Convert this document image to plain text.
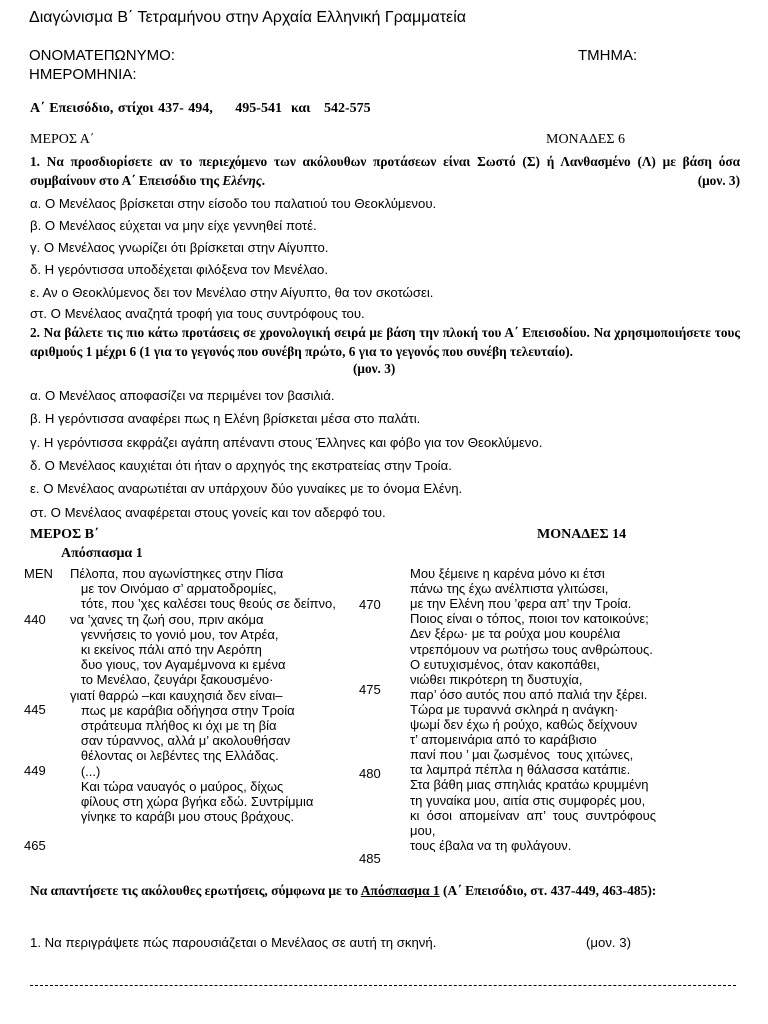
Διαγώνισμα Β΄ Τετραμήνου στην Αρχαία Ελληνική Γραμματεία
ΟΝΟΜΑΤΕΠΩΝΥΜΟ:	ΤΜΗΜΑ:
ΗΜΕΡΟΜΗΝΙΑ:
Α΄ Επεισόδιο, στίχοι 437- 494,     495-541  και   542-575
ΜΕΡΟΣ Α΄	ΜΟΝΑΔΕΣ 6
1. Να προσδιορίσετε αν το περιεχόμενο των ακόλουθων προτάσεων είναι Σωστό (Σ) ή Λανθασμένο (Λ) με βάση όσα συμβαίνουν στο Α΄ Επεισόδιο της Ελένης.	(μον. 3)
α. Ο Μενέλαος βρίσκεται στην είσοδο του παλατιού του Θεοκλύμενου.
β. Ο Μενέλαος εύχεται να μην είχε γεννηθεί ποτέ.
γ. Ο Μενέλαος γνωρίζει ότι βρίσκεται στην Αίγυπτο.
δ. Η γερόντισσα υποδέχεται φιλόξενα τον Μενέλαο.
ε. Αν ο Θεοκλύμενος δει τον Μενέλαο στην Αίγυπτο, θα τον σκοτώσει.
στ. Ο Μενέλαος αναζητά τροφή για τους συντρόφους του.
2. Να βάλετε τις πιο κάτω προτάσεις σε χρονολογική σειρά με βάση την πλοκή του Α΄ Επεισοδίου. Να χρησιμοποιήσετε τους αριθμούς 1 μέχρι 6 (1 για το γεγονός που συνέβη πρώτο, 6 για το γεγονός που συνέβη τελευταίο).
(μον. 3)
α. Ο Μενέλαος αποφασίζει να περιμένει τον βασιλιά.
β. Η γερόντισσα αναφέρει πως η Ελένη βρίσκεται μέσα στο παλάτι.
γ. Η γερόντισσα εκφράζει αγάπη απέναντι στους Έλληνες και φόβο για τον Θεοκλύμενο.
δ. Ο Μενέλαος καυχιέται ότι ήταν ο αρχηγός της εκστρατείας στην Τροία.
ε. Ο Μενέλαος αναρωτιέται αν υπάρχουν δύο γυναίκες με το όνομα Ελένη.
στ. Ο Μενέλαος αναφέρεται στους γονείς και τον αδερφό του.
ΜΕΡΟΣ Β΄	ΜΟΝΑΔΕΣ 14
Απόσπασμα 1
ΜΕΝ Πέλοπα, που αγωνίστηκες στην Πίσα
με τον Οινόμαο σ’ αρματοδρομίες,
τότε, που ’χες καλέσει τους θεούς σε δείπνο,
να ’χανες τη ζωή σου, πριν ακόμα
γεννήσεις το γονιό μου, τον Ατρέα,
κι εκείνος πάλι από την Αερόπη
δυο γιους, τον Αγαμέμνονα κι εμένα
το Μενέλαο, ζευγάρι ξακουσμένο·
γιατί θαρρώ –και καυχησιά δεν είναι–
πως με καράβια οδήγησα στην Τροία
στράτευμα πλήθος κι όχι με τη βία
σαν τύραννος, αλλά μ’ ακολουθήσαν
θέλοντας οι λεβέντες της Ελλάδας.
(...)
Και τώρα ναυαγός ο μαύρος, δίχως
φίλους στη χώρα βγήκα εδώ. Συντρίμμια
γίνηκε το καράβι μου στους βράχους.
Μου ξέμεινε η καρένα μόνο κι έτσι
πάνω της έχω ανέλπιστα γλιτώσει,
με την Ελένη που ’φερα απ’ την Τροία.
Ποιος είναι ο τόπος, ποιοι τον κατοικούνε;
Δεν ξέρω· με τα ρούχα μου κουρέλια
ντρεπόμουν να ρωτήσω τους ανθρώπους.
Ο ευτυχισμένος, όταν κακοπάθει,
νιώθει πικρότερη τη δυστυχία,
παρ’ όσο αυτός που από παλιά την ξέρει.
Τώρα με τυραννά σκληρά η ανάγκη·
ψωμί δεν έχω ή ρούχο, καθώς δείχνουν
τ’ απομεινάρια από το καράβισιο
πανί που ’ μαι ζωσμένος  τους χιτώνες,
τα λαμπρά πέπλα η θάλασσα κατάπιε.
Στα βάθη μιας σπηλιάς κρατάω κρυμμένη
τη γυναίκα μου, αιτία στις συμφορές μου,
κι  όσοι  απομείναν  απ’  τους  συντρόφους
μου,
τους έβαλα να τη φυλάγουν.
440
445
449
465
470
475
480
485
Να απαντήσετε τις ακόλουθες ερωτήσεις, σύμφωνα με το Απόσπασμα 1 (Α΄ Επεισόδιο, στ. 437-449, 463-485):
1. Να περιγράψετε πώς παρουσιάζεται ο Μενέλαος σε αυτή τη σκηνή.	(μον. 3)
